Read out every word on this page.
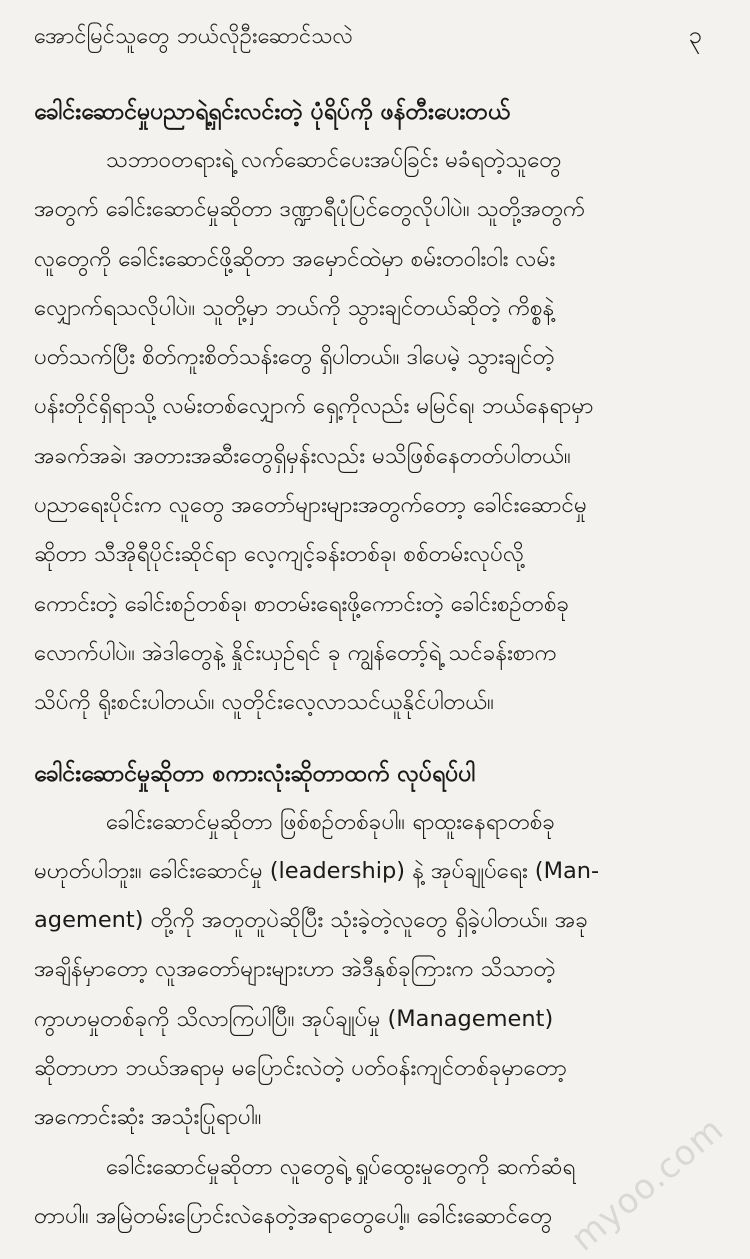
အောင်မြင်သူတွေ ဘယ်လိုဦးဆောင်သလဲ	၃
ခေါင်းဆောင်မှုပညာရဲ့ရှင်းလင်းတဲ့ ပုံရိပ်ကို ဖန်တီးပေးတယ်

သဘာဝတရားရဲ့ လက်ဆောင်ပေးအပ်ခြင်း မခံရတဲ့သူတွေ
အတွက် ခေါင်းဆောင်မှုဆိုတာ ဒဏ္ဍာရီပုံပြင်တွေလိုပါပဲ။ သူတို့အတွက်
လူတွေကို ခေါင်းဆောင်ဖို့ဆိုတာ အမှောင်ထဲမှာ စမ်းတဝါးဝါး လမ်း
လျှောက်ရသလိုပါပဲ။ သူတို့မှာ ဘယ်ကို သွားချင်တယ်ဆိုတဲ့ ကိစ္စနဲ့
ပတ်သက်ပြီး စိတ်ကူးစိတ်သန်းတွေ ရှိပါတယ်။ ဒါပေမဲ့ သွားချင်တဲ့
ပန်းတိုင်ရှိရာသို့ လမ်းတစ်လျှောက် ရှေ့ကိုလည်း မမြင်ရ၊ ဘယ်နေရာမှာ
အခက်အခဲ၊ အတားအဆီးတွေရှိမှန်းလည်း မသိဖြစ်နေတတ်ပါတယ်။
ပညာရေးပိုင်းက လူတွေ အတော်များများအတွက်တော့ ခေါင်းဆောင်မှု
ဆိုတာ သီအိုရီပိုင်းဆိုင်ရာ လေ့ကျင့်ခန်းတစ်ခု၊ စစ်တမ်းလုပ်လို့
ကောင်းတဲ့ ခေါင်းစဉ်တစ်ခု၊ စာတမ်းရေးဖို့ကောင်းတဲ့ ခေါင်းစဉ်တစ်ခု
လောက်ပါပဲ။ အဲဒါတွေနဲ့ နှိုင်းယှဉ်ရင် ခု ကျွန်တော့်ရဲ့ သင်ခန်းစာက
သိပ်ကို ရိုးစင်းပါတယ်။ လူတိုင်းလေ့လာသင်ယူနိုင်ပါတယ်။

ခေါင်းဆောင်မှုဆိုတာ စကားလုံးဆိုတာထက် လုပ်ရပ်ပါ

ခေါင်းဆောင်မှုဆိုတာ ဖြစ်စဉ်တစ်ခုပါ။ ရာထူးနေရာတစ်ခု
မဟုတ်ပါဘူး။ ခေါင်းဆောင်မှု (leadership) နဲ့ အုပ်ချုပ်ရေး (Man-
agement) တို့ကို အတူတူပဲဆိုပြီး သုံးခဲ့တဲ့လူတွေ ရှိခဲ့ပါတယ်။ အခု
အချိန်မှာတော့ လူအတော်များများဟာ အဲဒီနှစ်ခုကြားက သိသာတဲ့
ကွာဟမှုတစ်ခုကို သိလာကြပါပြီ။ အုပ်ချုပ်မှု (Management)
ဆိုတာဟာ ဘယ်အရာမှ မပြောင်းလဲတဲ့ ပတ်ဝန်းကျင်တစ်ခုမှာတော့
အကောင်းဆုံး အသုံးပြုရာပါ။
ခေါင်းဆောင်မှုဆိုတာ လူတွေရဲ့ ရှုပ်ထွေးမှုတွေကို ဆက်ဆံရ
တာပါ။ အမြဲတမ်းပြောင်းလဲနေတဲ့အရာတွေပေါ့။ ခေါင်းဆောင်တွေ myoo.com
